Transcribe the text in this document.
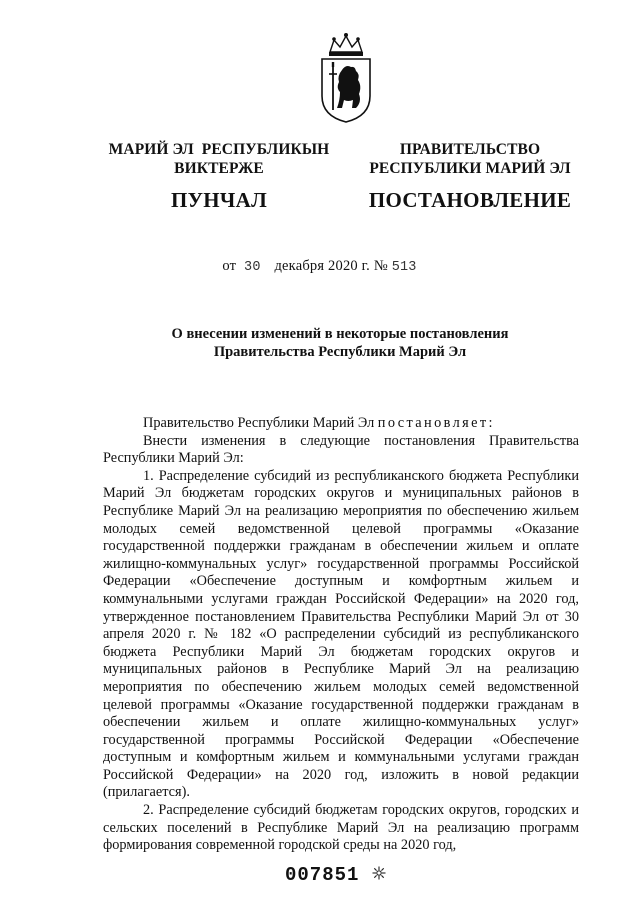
МАРИЙ ЭЛ  РЕСПУБЛИКЫН
ВИКТЕРЖЕ
ПУНЧАЛ
ПРАВИТЕЛЬСТВО
РЕСПУБЛИКИ МАРИЙ ЭЛ
ПОСТАНОВЛЕНИЕ
от 30 декабря 2020 г. № 513
О внесении изменений в некоторые постановления
Правительства Республики Марий Эл

Правительство Республики Марий Эл постановляет:

Внести изменения в следующие постановления Правительства Республики Марий Эл:

1. Распределение субсидий из республиканского бюджета Республики Марий Эл бюджетам городских округов и муниципальных районов в Республике Марий Эл на реализацию мероприятия по обеспечению жильем молодых семей ведомственной целевой программы «Оказание государственной поддержки гражданам в обеспечении жильем и оплате жилищно-коммунальных услуг» государственной программы Российской Федерации «Обеспечение доступным и комфортным жильем и коммунальными услугами граждан Российской Федерации» на 2020 год, утвержденное постановлением Правительства Республики Марий Эл от 30 апреля 2020 г. № 182 «О распределении субсидий из республиканского бюджета Республики Марий Эл бюджетам городских округов и муниципальных районов в Республике Марий Эл на реализацию мероприятия по обеспечению жильем молодых семей ведомственной целевой программы «Оказание государственной поддержки гражданам в обеспечении жильем и оплате жилищно-коммунальных услуг» государственной программы Российской Федерации «Обеспечение доступным и комфортным жильем и коммунальными услугами граждан Российской Федерации» на 2020 год, изложить в новой редакции (прилагается).

2. Распределение субсидий бюджетам городских округов, городских и сельских поселений в Республике Марий Эл на реализацию программ формирования современной городской среды на 2020 год,

007851
